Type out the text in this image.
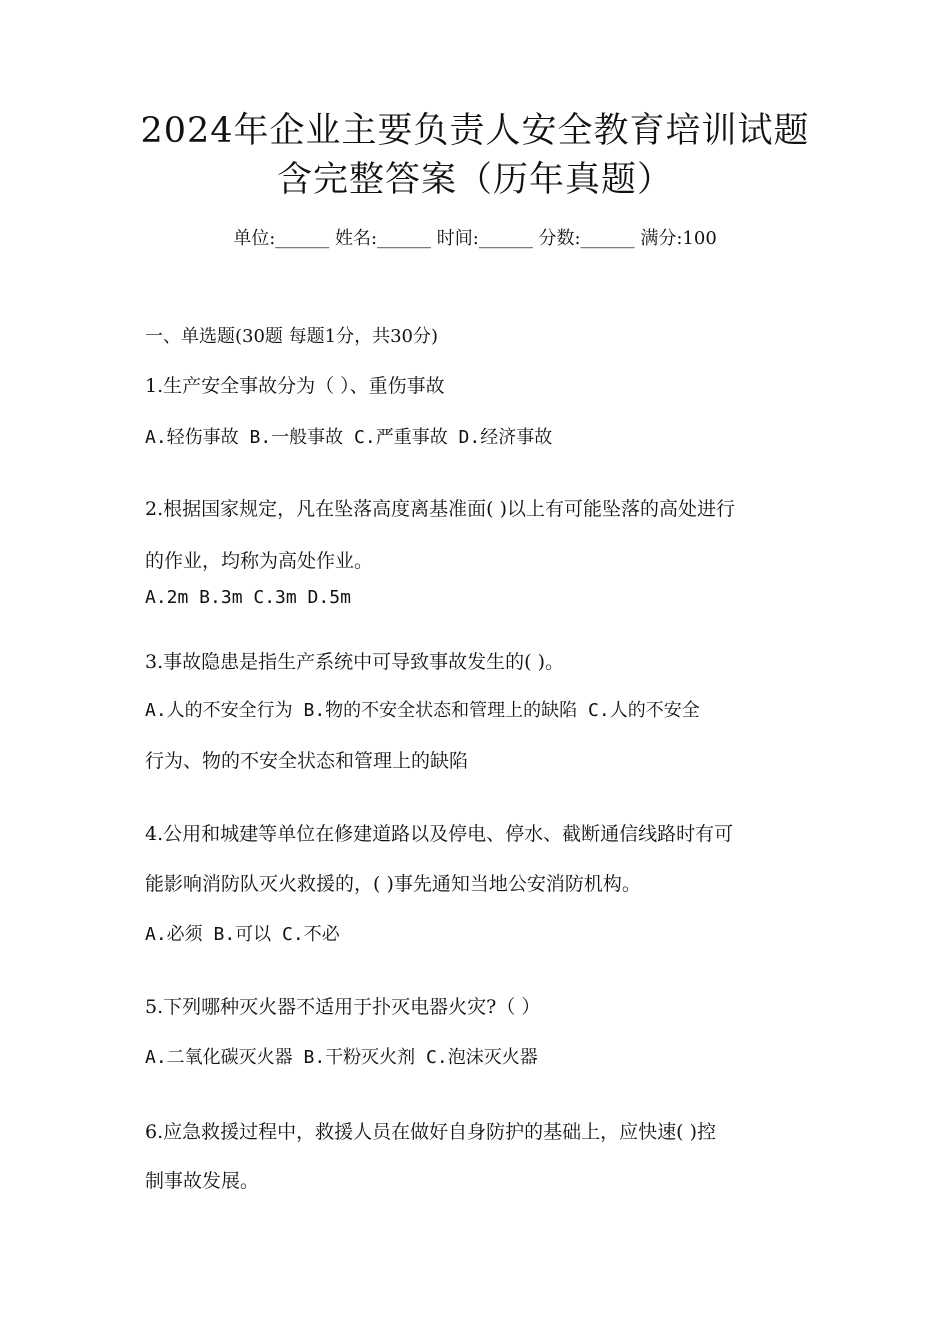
2024年企业主要负责人安全教育培训试题
含完整答案（历年真题）
单位:______ 姓名:______ 时间:______ 分数:______ 满分:100
一、单选题(30题 每题1分，共30分)
1.生产安全事故分为（ ）、重伤事故
A.轻伤事故 B.一般事故 C.严重事故 D.经济事故
2.根据国家规定，凡在坠落高度离基准面( )以上有可能坠落的高处进行
的作业，均称为高处作业。
A.2m B.3m C.3m D.5m
3.事故隐患是指生产系统中可导致事故发生的( )。
A.人的不安全行为 B.物的不安全状态和管理上的缺陷 C.人的不安全
行为、物的不安全状态和管理上的缺陷
4.公用和城建等单位在修建道路以及停电、停水、截断通信线路时有可
能影响消防队灭火救援的，( )事先通知当地公安消防机构。
A.必须 B.可以 C.不必
5.下列哪种灭火器不适用于扑灭电器火灾?（ ）
A.二氧化碳灭火器 B.干粉灭火剂 C.泡沫灭火器
6.应急救援过程中，救援人员在做好自身防护的基础上，应快速( )控
制事故发展。
